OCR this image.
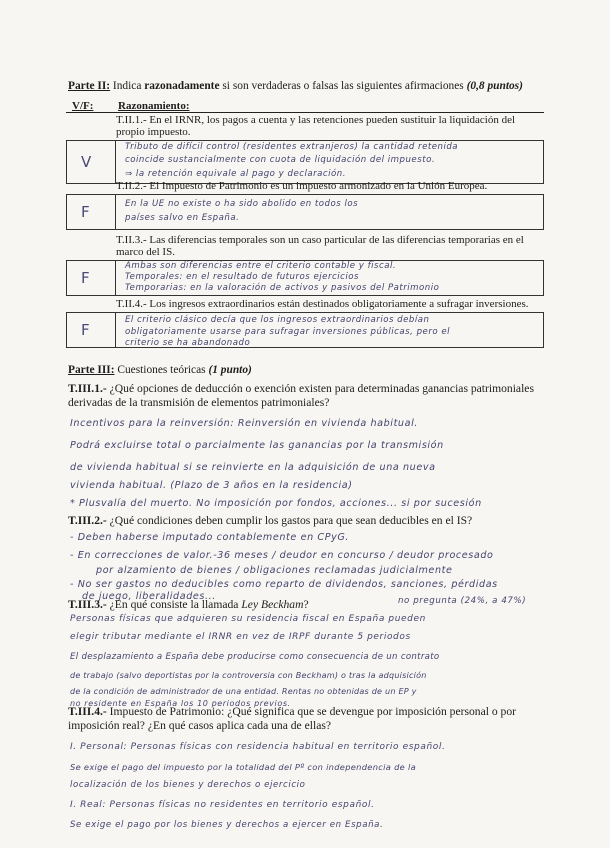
Parte II: Indica razonadamente si son verdaderas o falsas las siguientes afirmaciones (0,8 puntos)
V/F: Razonamiento:
T.II.1.- En el IRNR, los pagos a cuenta y las retenciones pueden sustituir la liquidación del propio impuesto.
V
Tributo de difícil control (residentes extranjeros) la cantidad retenida
coincide sustancialmente con cuota de liquidación del impuesto.
⇒ la retención equivale al pago y declaración.
T.II.2.- El Impuesto de Patrimonio es un impuesto armonizado en la Unión Europea.
F	En la UE no existe o ha sido abolido en todos los
países salvo en España.
T.II.3.- Las diferencias temporales son un caso particular de las diferencias temporarias en el marco del IS.
F
Ambas son diferencias entre el criterio contable y fiscal.
Temporales: en el resultado de futuros ejercicios
Temporarias: en la valoración de activos y pasivos del Patrimonio
T.II.4.- Los ingresos extraordinarios están destinados obligatoriamente a sufragar inversiones.
F
El criterio clásico decía que los ingresos extraordinarios debían
obligatoriamente usarse para sufragar inversiones públicas, pero el
criterio se ha abandonado
Parte III: Cuestiones teóricas (1 punto)
T.III.1.- ¿Qué opciones de deducción o exención existen para determinadas ganancias patrimoniales derivadas de la transmisión de elementos patrimoniales?
Incentivos para la reinversión: Reinversión en vivienda habitual.
Podrá excluirse total o parcialmente las ganancias por la transmisión
de vivienda habitual si se reinvierte en la adquisición de una nueva
vivienda habitual. (Plazo de 3 años en la residencia)
* Plusvalía del muerto. No imposición por fondos, acciones... si por sucesión
T.III.2.- ¿Qué condiciones deben cumplir los gastos para que sean deducibles en el IS?
- Deben haberse imputado contablemente en CPyG.
- En correcciones de valor.-36 meses / deudor en concurso / deudor procesado
por alzamiento de bienes / obligaciones reclamadas judicialmente
- No ser gastos no deducibles como reparto de dividendos, sanciones, pérdidas
de juego, liberalidades...
T.III.3.- ¿En qué consiste la llamada Ley Beckham?	no pregunta (24%, a 47%)
Personas físicas que adquieren su residencia fiscal en España pueden
elegir tributar mediante el IRNR en vez de IRPF durante 5 periodos
El desplazamiento a España debe producirse como consecuencia de un contrato
de trabajo (salvo deportistas por la controversia con Beckham) o tras la adquisición
de la condición de administrador de una entidad. Rentas no obtenidas de un EP y
no residente en España los 10 periodos previos.
T.III.4.- Impuesto de Patrimonio: ¿Qué significa que se devengue por imposición personal o por imposición real? ¿En qué casos aplica cada una de ellas?
I. Personal: Personas físicas con residencia habitual en territorio español.
Se exige el pago del impuesto por la totalidad del Pº con independencia de la
localización de los bienes y derechos o ejercicio
I. Real: Personas físicas no residentes en territorio español.
Se exige el pago por los bienes y derechos a ejercer en España.
